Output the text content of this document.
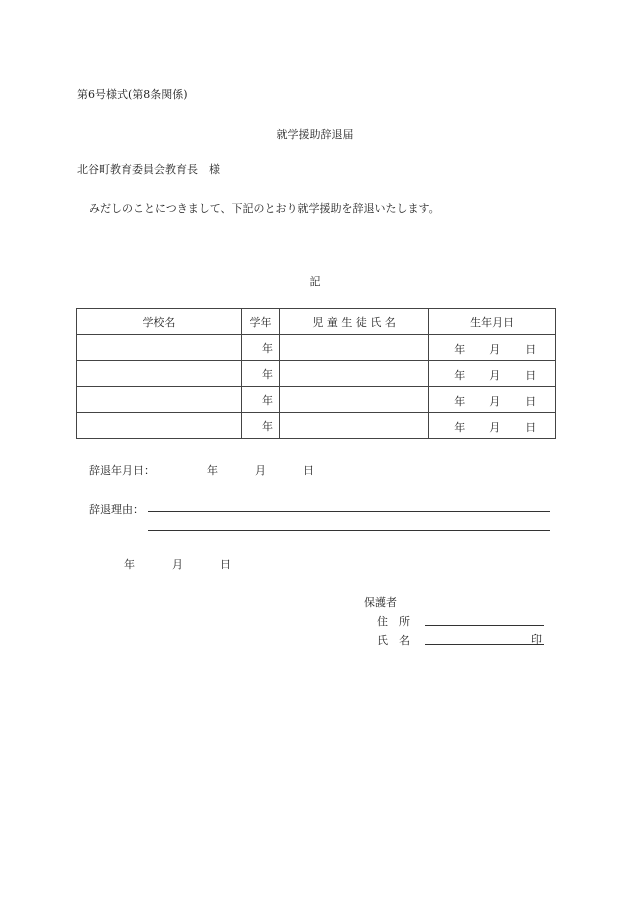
第6号様式(第8条関係)
就学援助辞退届
北谷町教育委員会教育長　様
みだしのことにつきまして、下記のとおり就学援助を辞退いたします。
記
学校名	学年	児 童 生 徒 氏 名	生年月日
	年		年 月 日

	年		年 月 日

	年		年 月 日

	年		年 月 日
辞退年月日：	年	月	日
辞退理由：
年	月	日
保護者
住所
氏名	印
